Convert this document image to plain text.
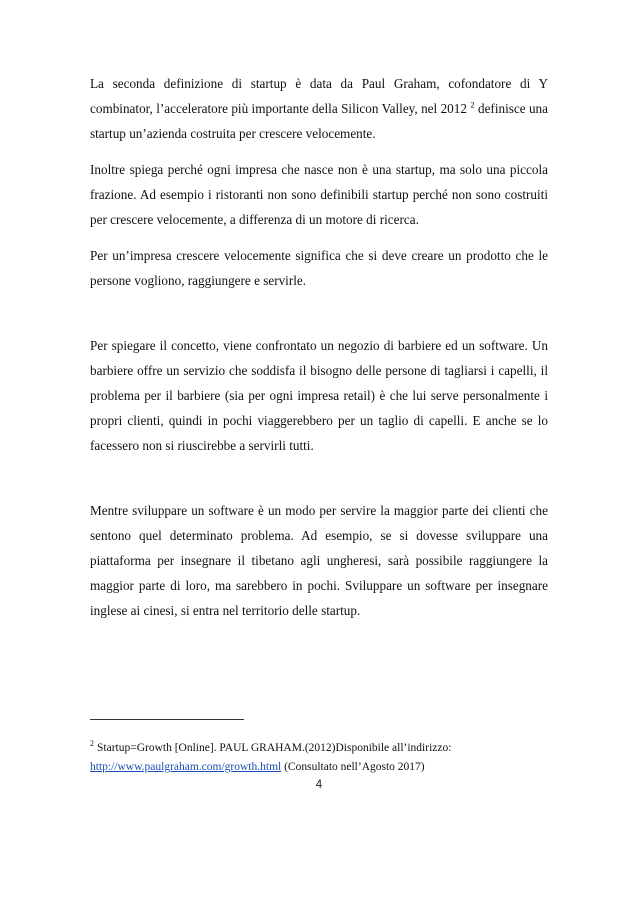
La seconda definizione di startup è data da Paul Graham, cofondatore di Y combinator, l’acceleratore più importante della Silicon Valley, nel 2012 $^2$ definisce una startup un’azienda costruita per crescere velocemente.

Inoltre spiega perché ogni impresa che nasce non è una startup, ma solo una piccola frazione. Ad esempio i ristoranti non sono definibili startup perché non sono costruiti per crescere velocemente, a differenza di un motore di ricerca.

Per un’impresa crescere velocemente significa che si deve creare un prodotto che le persone vogliono, raggiungere e servirle.

Per spiegare il concetto, viene confrontato un negozio di barbiere ed un software. Un barbiere offre un servizio che soddisfa il bisogno delle persone di tagliarsi i capelli, il problema per il barbiere (sia per ogni impresa retail) è che lui serve personalmente i propri clienti, quindi in pochi viaggerebbero per un taglio di capelli. E anche se lo facessero non si riuscirebbe a servirli tutti.

Mentre sviluppare un software è un modo per servire la maggior parte dei clienti che sentono quel determinato problema. Ad esempio, se si dovesse sviluppare una piattaforma per insegnare il tibetano agli ungheresi, sarà possibile raggiungere la maggior parte di loro, ma sarebbero in pochi. Sviluppare un software per insegnare inglese ai cinesi, si entra nel territorio delle startup.

$^2$ Startup=Growth [Online]. PAUL GRAHAM.(2012)Disponibile all’indirizzo:
http://www.paulgraham.com/growth.html (Consultato nell’Agosto 2017)
4
